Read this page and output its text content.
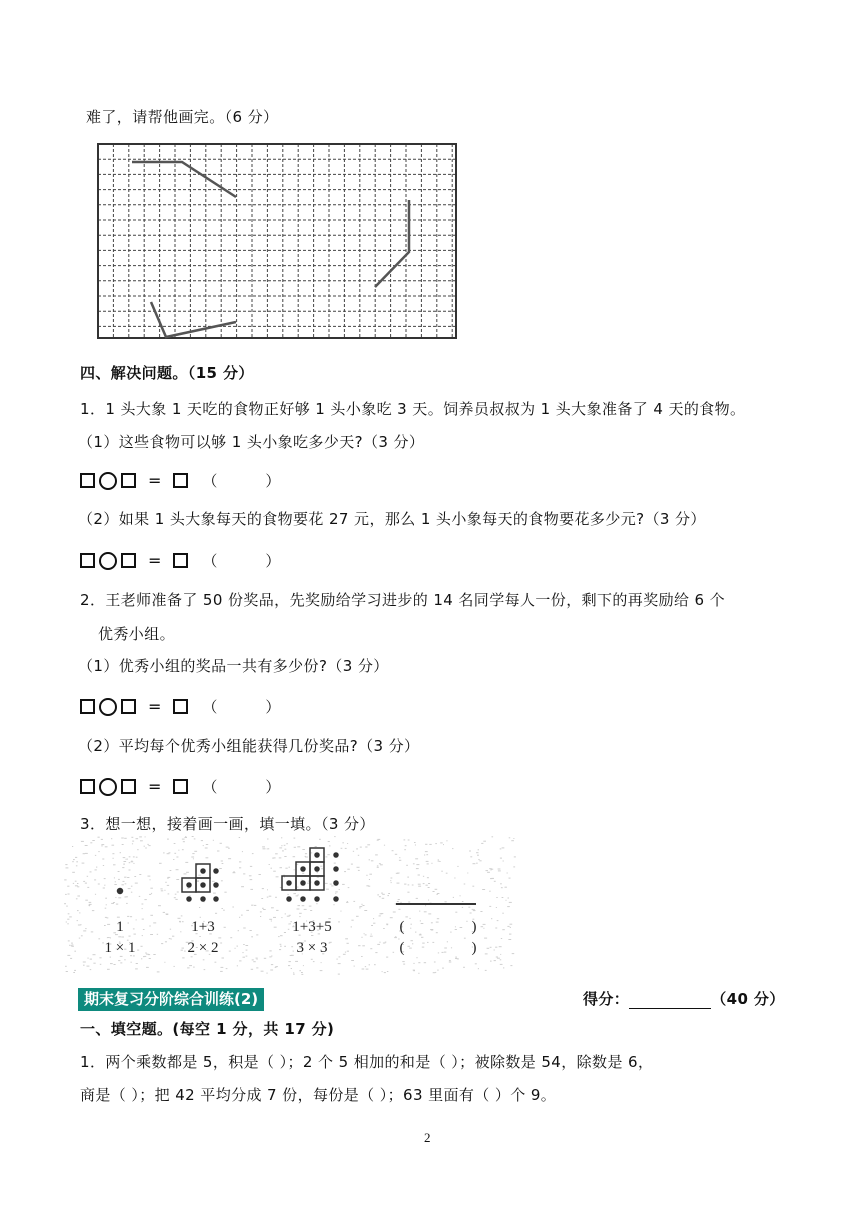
难了，请帮他画完。（6 分）
四、解决问题。（15 分）
1．1 头大象 1 天吃的食物正好够 1 头小象吃 3 天。饲养员叔叔为 1 头大象准备了 4 天的食物。
（1）这些食物可以够 1 头小象吃多少天?（3 分）
=	（	）
（2）如果 1 头大象每天的食物要花 27 元，那么 1 头小象每天的食物要花多少元?（3 分）
=	（	）
2．王老师准备了 50 份奖品，先奖励给学习进步的 14 名同学每人一份，剩下的再奖励给 6 个
优秀小组。
（1）优秀小组的奖品一共有多少份?（3 分）
=	（	）
（2）平均每个优秀小组能获得几份奖品?（3 分）
=	（	）
3．想一想，接着画一画，填一填。（3 分）
1
1 × 1
1+3
2 × 2
1+3+5
3 × 3
(	)
(	)
期末复习分阶综合训练(2)	得分：	（40 分）
一、填空题。(每空 1 分，共 17 分)
1．两个乘数都是 5，积是（ ）；2 个 5 相加的和是（ ）；被除数是 54，除数是 6，
商是（ ）；把 42 平均分成 7 份，每份是（ ）；63 里面有（ ）个 9。
2
